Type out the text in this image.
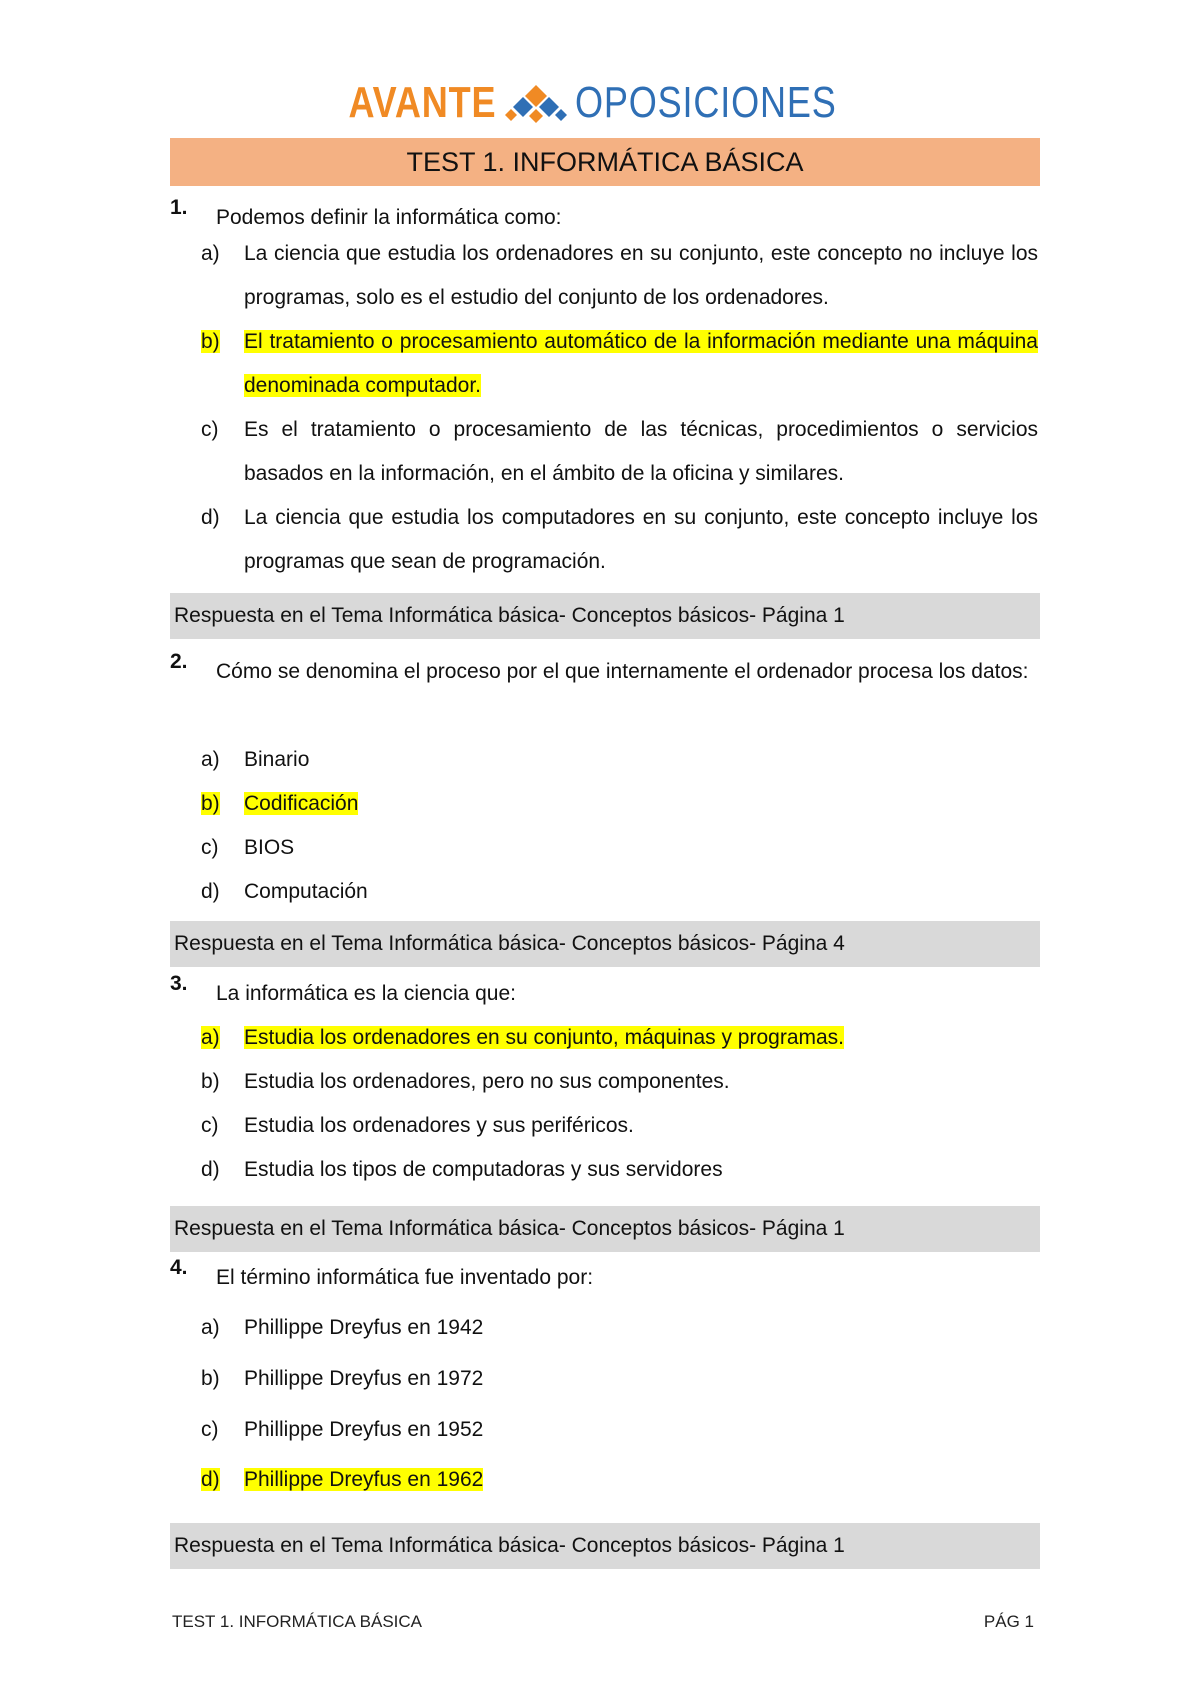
AVANTE OPOSICIONES
TEST 1. INFORMÁTICA BÁSICA
1.	Podemos definir la informática como:
a)	La ciencia que estudia los ordenadores en su conjunto, este concepto no incluye los programas, solo es el estudio del conjunto de los ordenadores.
b)	El tratamiento o procesamiento automático de la información mediante una máquina denominada computador.
c)	Es el tratamiento o procesamiento de las técnicas, procedimientos o servicios basados en la información, en el ámbito de la oficina y similares.
d)	La ciencia que estudia los computadores en su conjunto, este concepto incluye los programas que sean de programación.
Respuesta en el Tema Informática básica- Conceptos básicos- Página 1
2.	Cómo se denomina el proceso por el que internamente el ordenador procesa los datos:
a)	Binario
b)	Codificación
c)	BIOS
d)	Computación
Respuesta en el Tema Informática básica- Conceptos básicos- Página 4
3.	La informática es la ciencia que:
a)	Estudia los ordenadores en su conjunto, máquinas y programas.
b)	Estudia los ordenadores, pero no sus componentes.
c)	Estudia los ordenadores y sus periféricos.
d)	Estudia los tipos de computadoras y sus servidores
Respuesta en el Tema Informática básica- Conceptos básicos- Página 1
4.	El término informática fue inventado por:
a)	Phillippe Dreyfus en 1942
b)	Phillippe Dreyfus en 1972
c)	Phillippe Dreyfus en 1952
d)	Phillippe Dreyfus en 1962
Respuesta en el Tema Informática básica- Conceptos básicos- Página 1
TEST 1. INFORMÁTICA BÁSICA	PÁG 1
